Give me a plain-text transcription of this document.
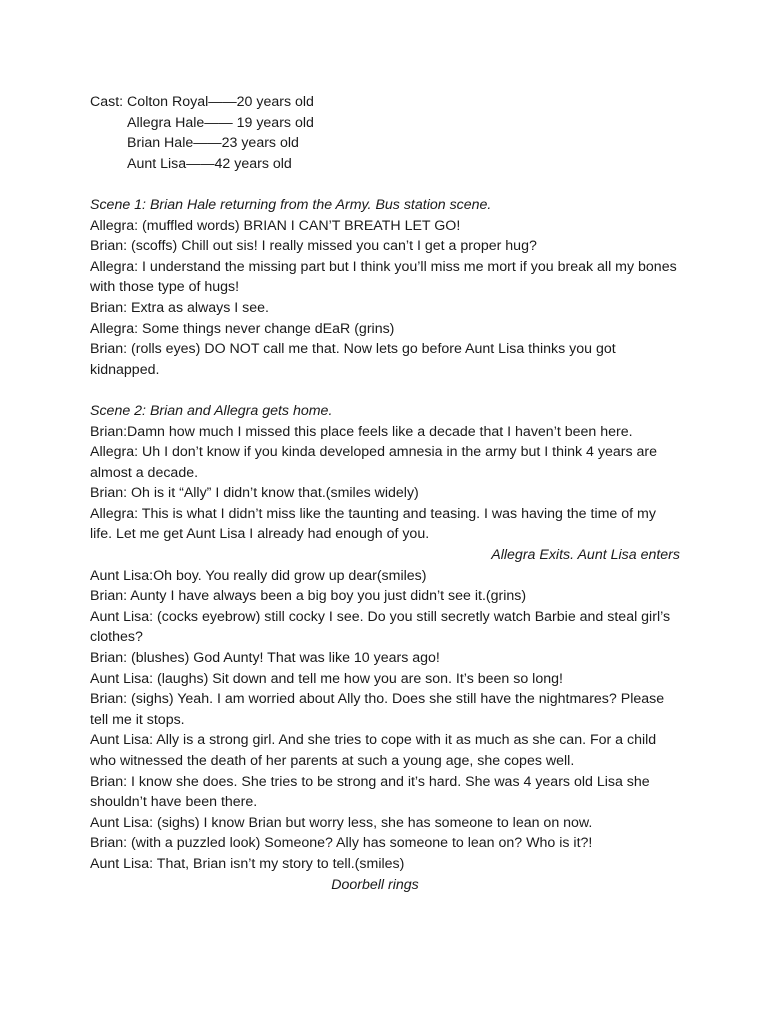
Cast: Colton Royal——20 years old

Allegra Hale—— 19 years old

Brian Hale——23 years old

Aunt Lisa——42 years old

Scene 1: Brian Hale returning from the Army. Bus station scene.

Allegra: (muffled words) BRIAN I CAN’T BREATH LET GO!

Brian: (scoffs) Chill out sis! I really missed you can’t I get a proper hug?

Allegra: I understand the missing part but I think you’ll miss me mort if you break all my bones with those type of hugs!

Brian: Extra as always I see.

Allegra: Some things never change dEaR (grins)

Brian: (rolls eyes) DO NOT call me that. Now lets go before Aunt Lisa thinks you got kidnapped.

Scene 2: Brian and Allegra gets home.

Brian:Damn how much I missed this place feels like a decade that I haven’t been here.

Allegra: Uh I don’t know if you kinda developed amnesia in the army but I think 4 years are almost a decade.

Brian: Oh is it “Ally” I didn’t know that.(smiles widely)

Allegra: This is what I didn’t miss like the taunting and teasing. I was having the time of my life. Let me get Aunt Lisa I already had enough of you.

Allegra Exits. Aunt Lisa enters

Aunt Lisa:Oh boy. You really did grow up dear(smiles)

Brian: Aunty I have always been a big boy you just didn’t see it.(grins)

Aunt Lisa: (cocks eyebrow) still cocky I see. Do you still secretly watch Barbie and steal girl’s clothes?

Brian: (blushes) God Aunty! That was like 10 years ago!

Aunt Lisa: (laughs) Sit down and tell me how you are son. It’s been so long!

Brian: (sighs) Yeah. I am worried about Ally tho. Does she still have the nightmares? Please tell me it stops.

Aunt Lisa: Ally is a strong girl. And she tries to cope with it as much as she can. For a child who witnessed the death of her parents at such a young age, she copes well.

Brian: I know she does. She tries to be strong and it’s hard. She was 4 years old Lisa she shouldn’t have been there.

Aunt Lisa: (sighs) I know Brian but worry less, she has someone to lean on now.

Brian: (with a puzzled look) Someone? Ally has someone to lean on? Who is it?!

Aunt Lisa: That, Brian isn’t my story to tell.(smiles)

Doorbell rings
